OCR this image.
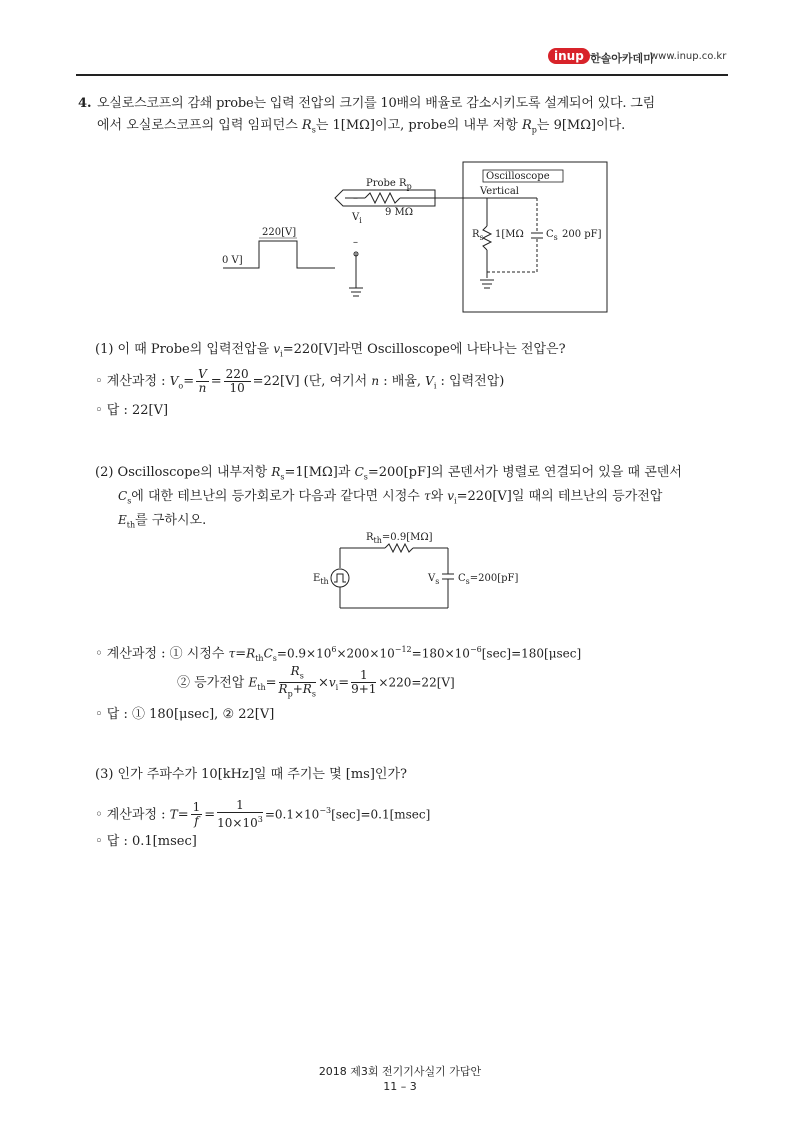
inup 한솔아카데미
www.inup.co.kr
4. 오실로스코프의 감쇄 probe는 입력 전압의 크기를 10배의 배율로 감소시키도록 설계되어 있다. 그림
에서 오실로스코프의 입력 임피던스 $R_s$는 1[MΩ]이고, probe의 내부 저항 $R_p$는 9[MΩ]이다.
220[V]
0 V]
Probe $R_p$
9 MΩ
–
$V_i$
–
Oscilloscope
Vertical
$R_s$ 1[MΩ $C_s$ 200 pF]
(1) 이 때 Probe의 입력전압을 $v_i=220[V]$라면 Oscilloscope에 나타나는 전압은?
◦ 계산과정 : $V_o= \frac{V}{n} = \frac{220}{10} =22[V]$ (단, 여기서 n : 배율, $V_i$ : 입력전압)
◦ 답 : 22[V]
(2) Oscilloscope의 내부저항 $R_s=1[M\Omega]$과 $C_s=200[pF]$의 콘덴서가 병렬로 연결되어 있을 때 콘덴서
$C_s$에 대한 테브난의 등가회로가 다음과 같다면 시정수 τ와 $v_i=220[V]$일 때의 테브난의 등가전압
$E_{th}$를 구하시오.
$R_{th}=0.9[M\Omega]$
$E_{th}$	$V_s$ $C_s=200[pF]$
◦ 계산과정 : ① 시정수 $\tau=R_{th}C_s=0.9\times 10^6\times 200\times 10^{-12}=180\times 10^{-6}[\sec]=180[\mu\sec]$
② 등가전압 $E_{th}= \frac{R_s}{R_p+R_s} \times v_i= \frac{1}{9+1} \times 220=22[V]$
◦ 답 : ① 180[μsec], ② 22[V]
(3) 인가 주파수가 10[kHz]일 때 주기는 몇 [ms]인가?
◦ 계산과정 : $T= \frac{1}{f} = \frac{1}{10\times 10^3} =0.1\times 10^{-3}[\sec]=0.1[msec]$
◦ 답 : 0.1[msec]
2018 제3회 전기기사실기 가답안
11 – 3
